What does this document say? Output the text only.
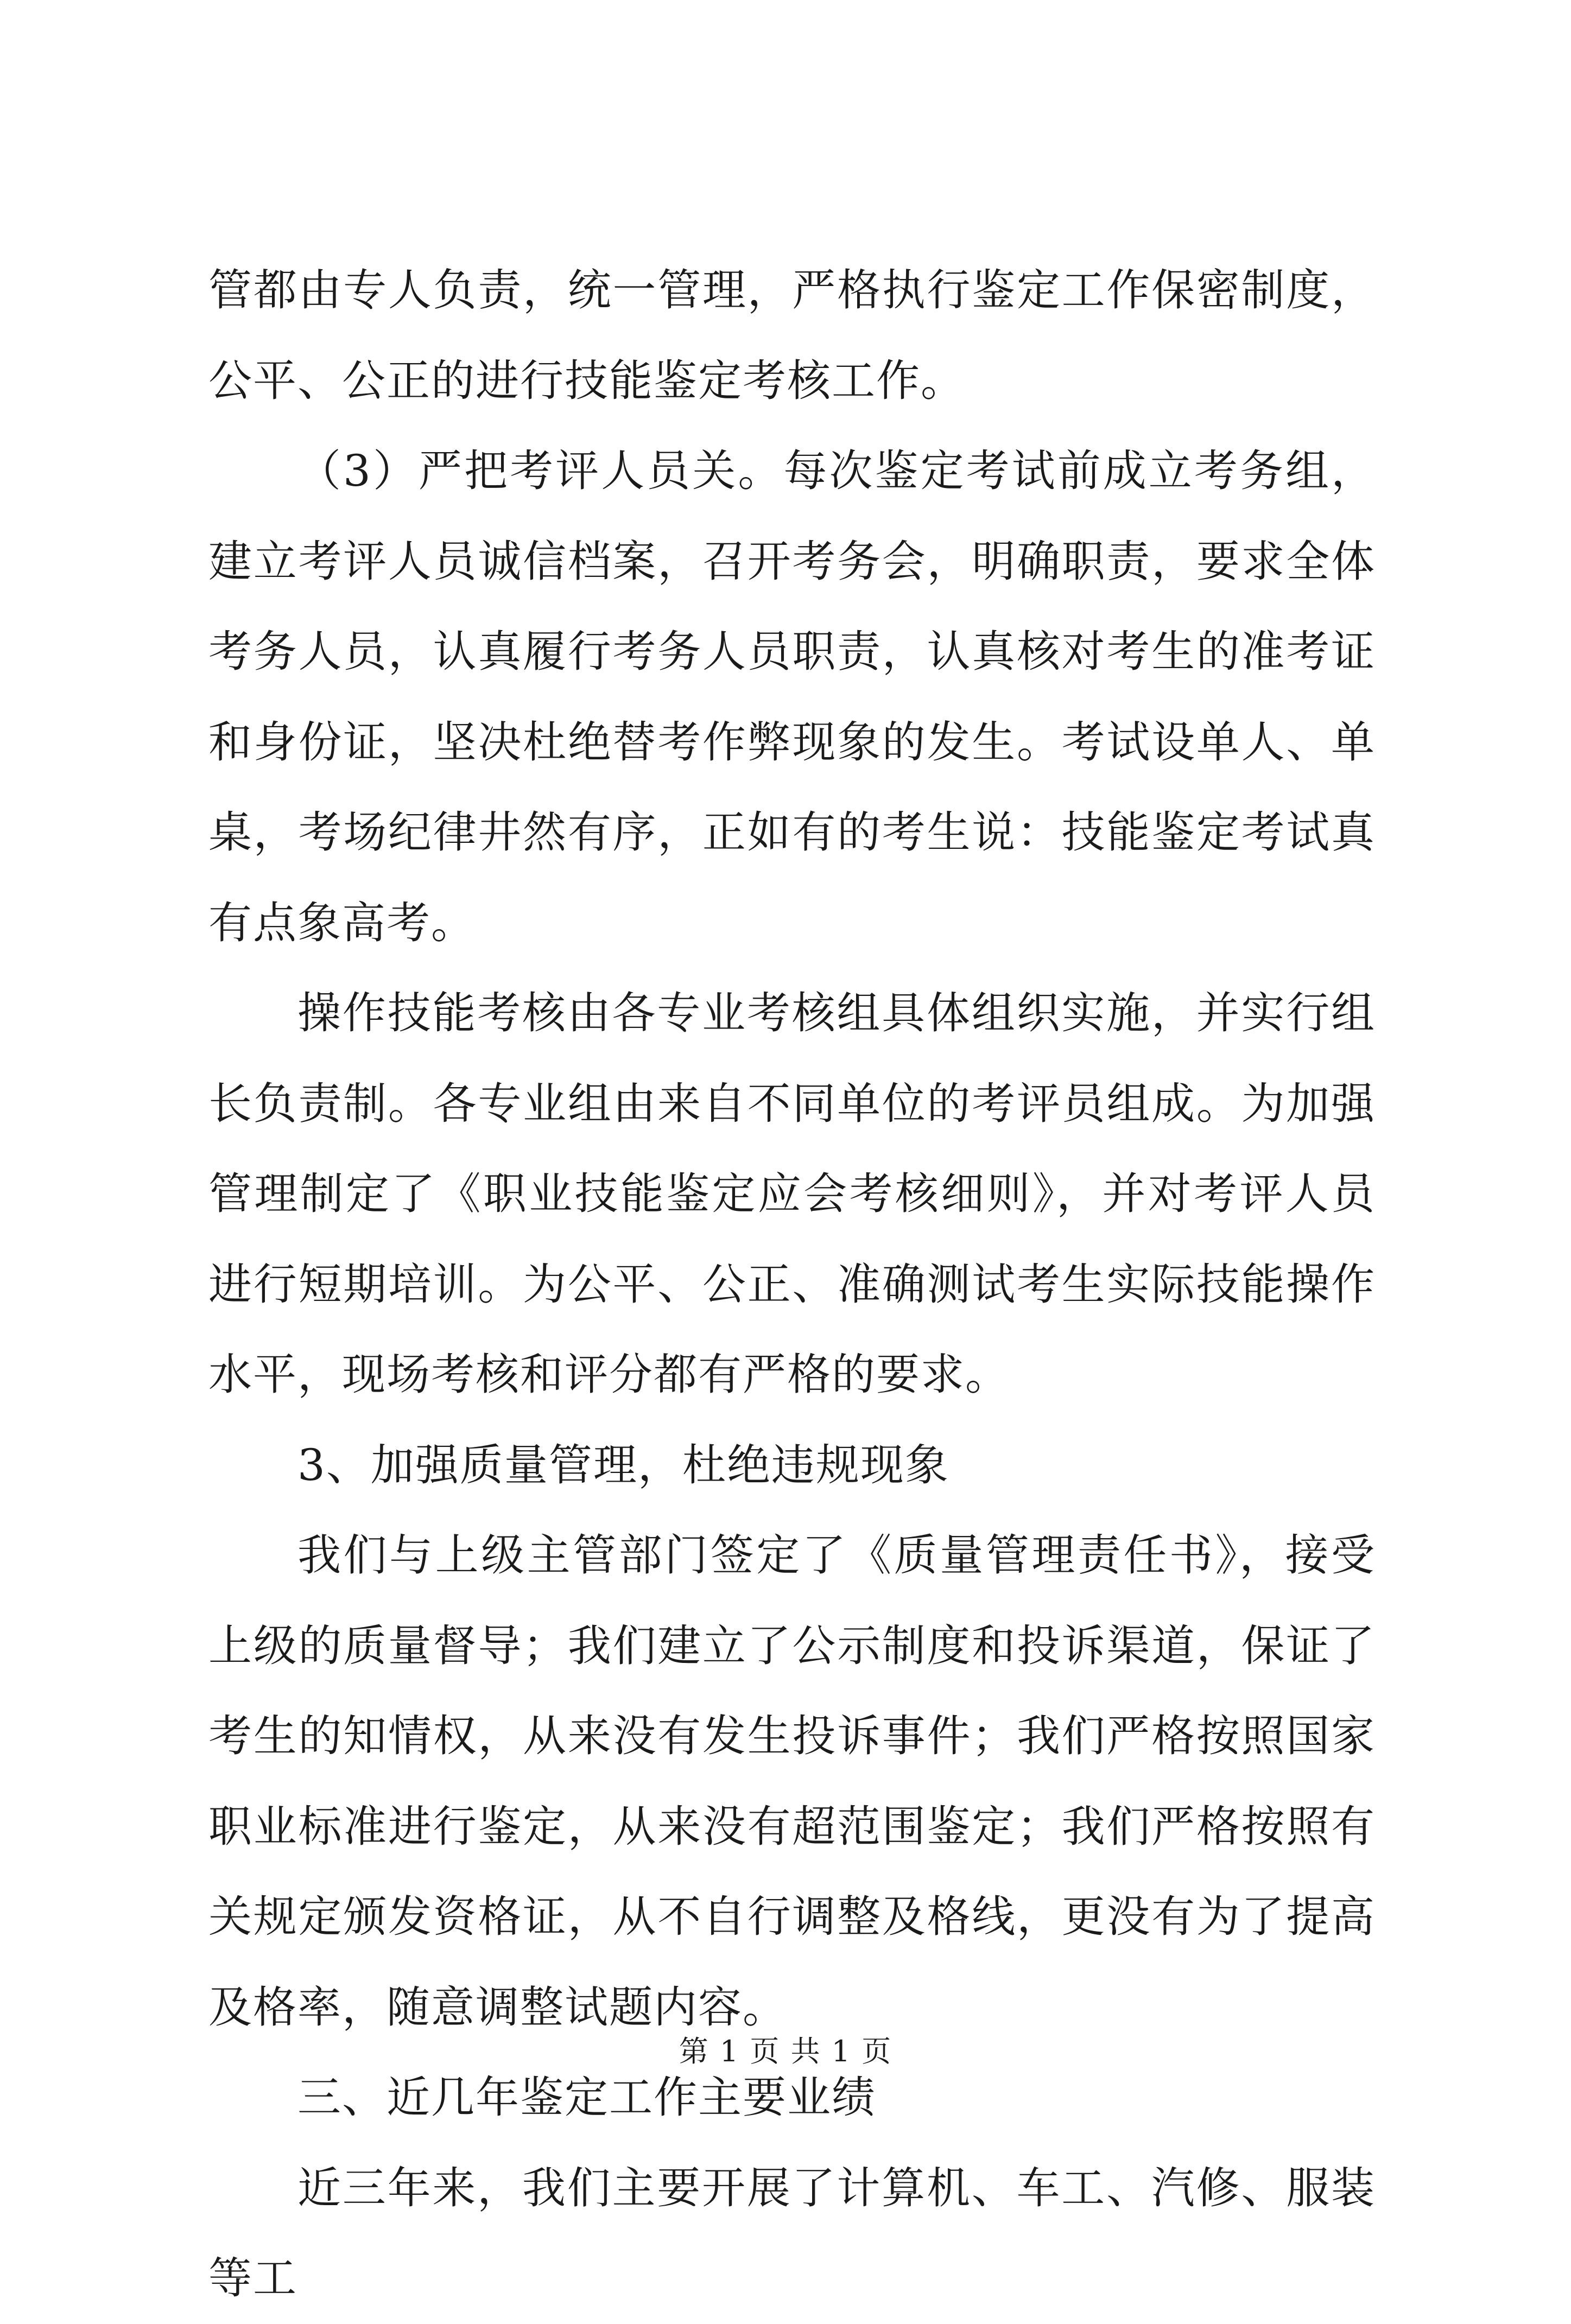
管都由专人负责，统一管理，严格执行鉴定工作保密制度，公平、公正的进行技能鉴定考核工作。

（3）严把考评人员关。每次鉴定考试前成立考务组，建立考评人员诚信档案，召开考务会，明确职责，要求全体考务人员，认真履行考务人员职责，认真核对考生的准考证和身份证，坚决杜绝替考作弊现象的发生。考试设单人、单桌，考场纪律井然有序，正如有的考生说：技能鉴定考试真有点象高考。

操作技能考核由各专业考核组具体组织实施，并实行组长负责制。各专业组由来自不同单位的考评员组成。为加强管理制定了《职业技能鉴定应会考核细则》，并对考评人员进行短期培训。为公平、公正、准确测试考生实际技能操作水平，现场考核和评分都有严格的要求。

3、加强质量管理，杜绝违规现象

我们与上级主管部门签定了《质量管理责任书》，接受上级的质量督导；我们建立了公示制度和投诉渠道，保证了考生的知情权，从来没有发生投诉事件；我们严格按照国家职业标准进行鉴定，从来没有超范围鉴定；我们严格按照有关规定颁发资格证，从不自行调整及格线，更没有为了提高及格率，随意调整试题内容。

三、近几年鉴定工作主要业绩

近三年来，我们主要开展了计算机、车工、汽修、服装等工

第 1 页 共 1 页
